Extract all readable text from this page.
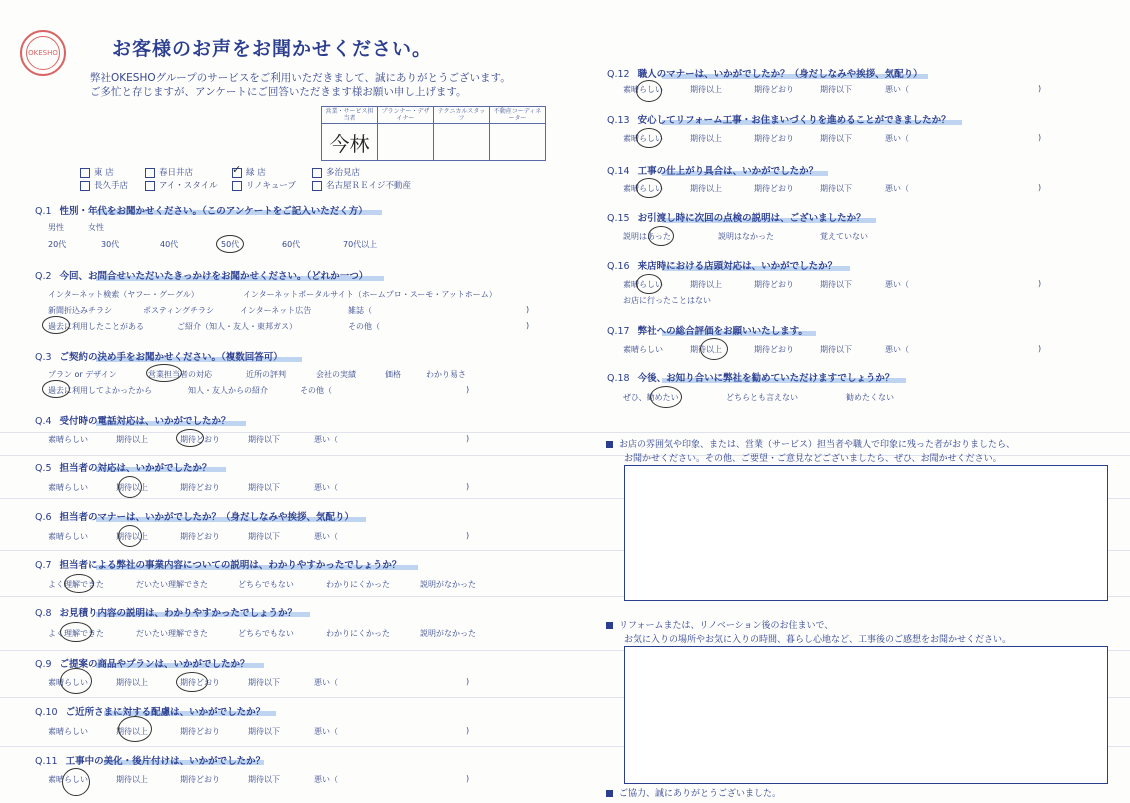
OKESHO	お客様のお声をお聞かせください。
弊社OKESHOグループのサービスをご利用いただきまして、誠にありがとうございます。
ご多忙と存じますが、アンケートにご回答いただきます様お願い申し上げます。
営業・サービス担当者	プランナー・デザイナー	テクニカルスタッフ	不動産コーディネーター
今林			
東 店	春日井店	✓ 緑 店	多治見店
長久手店	アイ・スタイル	リノキューブ	名古屋ＲＥイジ不動産
Q.1 性別・年代をお聞かせください。（このアンケートをご記入いただく方）
男性	女性
20代	30代	40代	50代	60代	70代以上
Q.2 今回、お問合せいただいたきっかけをお聞かせください。（どれか一つ）
インターネット検索（ヤフー・グーグル）	インターネットポータルサイト（ホームプロ・スーモ・アットホーム）
新聞折込みチラシ	ポスティングチラシ	インターネット広告	雑誌（	)
過去に利用したことがある	ご紹介（知人・友人・東邦ガス）	その他（	)
Q.3 ご契約の決め手をお聞かせください。（複数回答可）
プラン or デザイン	営業担当者の対応	近所の評判	会社の実績	価格	わかり易さ
過去に利用してよかったから	知人・友人からの紹介	その他（	)
Q.4 受付時の電話対応は、いかがでしたか？
素晴らしい	期待以上	期待どおり	期待以下	悪い（	)
Q.5 担当者の対応は、いかがでしたか？
素晴らしい	期待以上	期待どおり	期待以下	悪い（	)
Q.6 担当者のマナーは、いかがでしたか？（身だしなみや挨拶、気配り）
素晴らしい	期待以上	期待どおり	期待以下	悪い（	)
Q.7 担当者による弊社の事業内容についての説明は、わかりやすかったでしょうか？
よく理解できた	だいたい理解できた	どちらでもない	わかりにくかった	説明がなかった
Q.8 お見積り内容の説明は、わかりやすかったでしょうか？
よく理解できた	だいたい理解できた	どちらでもない	わかりにくかった	説明がなかった
Q.9 ご提案の商品やプランは、いかがでしたか？
素晴らしい	期待以上	期待どおり	期待以下	悪い（	)
Q.10 ご近所さまに対する配慮は、いかがでしたか？
素晴らしい	期待以上	期待どおり	期待以下	悪い（	)
Q.11 工事中の美化・後片付けは、いかがでしたか？
素晴らしい	期待以上	期待どおり	期待以下	悪い（	)
Q.12 職人のマナーは、いかがでしたか？（身だしなみや挨拶、気配り）
素晴らしい	期待以上	期待どおり	期待以下	悪い（	)
Q.13 安心してリフォーム工事・お住まいづくりを進めることができましたか？
素晴らしい	期待以上	期待どおり	期待以下	悪い（	)
Q.14 工事の仕上がり具合は、いかがでしたか？
素晴らしい	期待以上	期待どおり	期待以下	悪い（	)
Q.15 お引渡し時に次回の点検の説明は、ございましたか？
説明はあった	説明はなかった	覚えていない
Q.16 来店時における店頭対応は、いかがでしたか？
素晴らしい	期待以上	期待どおり	期待以下	悪い（	)
お店に行ったことはない
Q.17 弊社への総合評価をお願いいたします。
素晴らしい	期待以上	期待どおり	期待以下	悪い（	)
Q.18 今後、お知り合いに弊社を勧めていただけますでしょうか？
ぜひ、勧めたい	どちらとも言えない	勧めたくない
お店の雰囲気や印象、または、営業（サービス）担当者や職人で印象に残った者がおりましたら、
お聞かせください。その他、ご要望・ご意見などございましたら、ぜひ、お聞かせください。
リフォームまたは、リノベーション後のお住まいで、
お気に入りの場所やお気に入りの時間、暮らし心地など、工事後のご感想をお聞かせください。
ご協力、誠にありがとうございました。
